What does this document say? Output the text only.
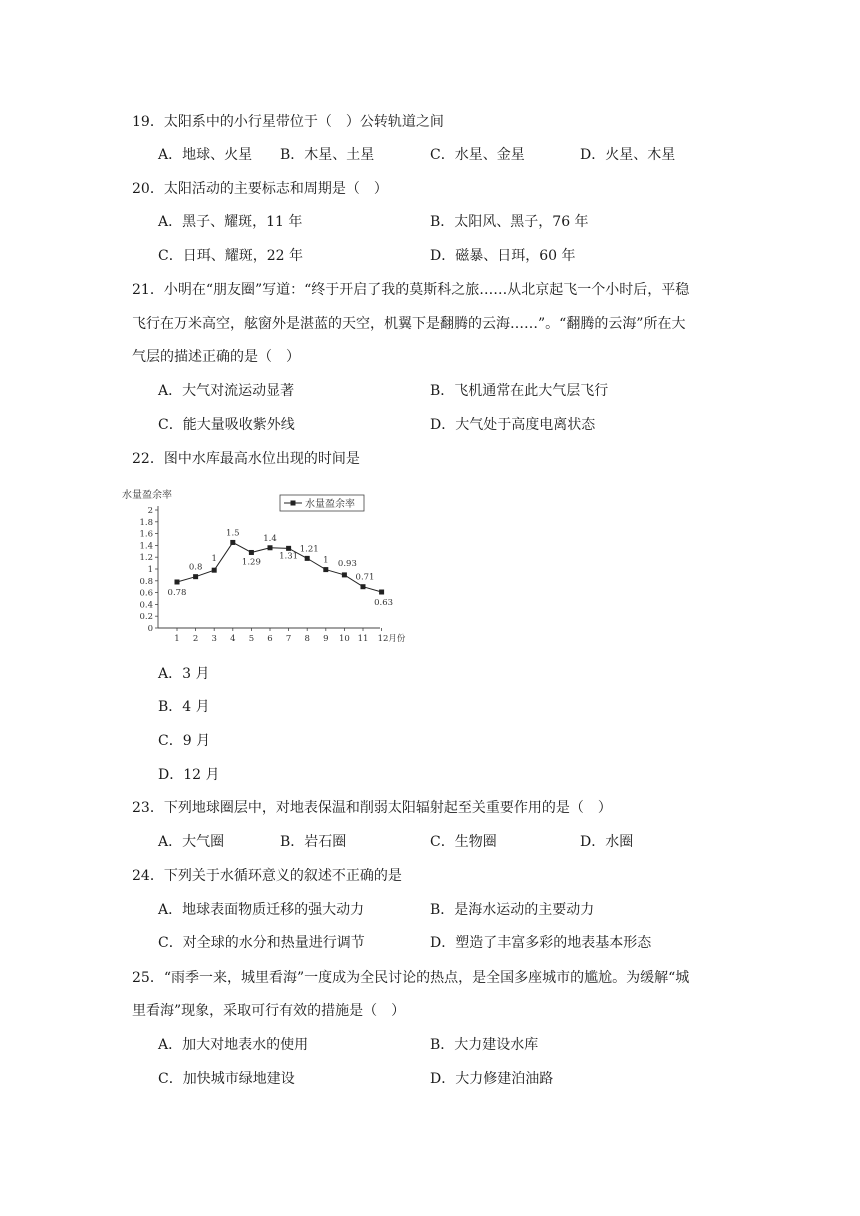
19．太阳系中的小行星带位于（　）公转轨道之间
A．地球、火星 B．木星、土星	C．水星、金星	D．火星、木星
20．太阳活动的主要标志和周期是（　）
A．黑子、耀斑，11 年	B．太阳风、黑子，76 年
C．日珥、耀斑，22 年	D．磁暴、日珥，60 年
21．小明在“朋友圈”写道：“终于开启了我的莫斯科之旅……从北京起飞一个小时后，平稳
飞行在万米高空，舷窗外是湛蓝的天空，机翼下是翻腾的云海……”。“翻腾的云海”所在大
气层的描述正确的是（　）
A．大气对流运动显著	B．飞机通常在此大气层飞行
C．能大量吸收紫外线	D．大气处于高度电离状态
22．图中水库最高水位出现的时间是
水量盈余率
水量盈余率
0
0.2
0.4
0.6
0.8
1
1.2
1.4
1.6
1.8
2
1 2 3 4 5 6 7 8 9 10 11 12月份
0.78
0.8
1
1.5
1.29
1.4
1.31
1.21
1 0.93
0.71
0.63
A．3 月
B．4 月
C．9 月
D．12 月
23．下列地球圈层中，对地表保温和削弱太阳辐射起至关重要作用的是（　）
A．大气圈	B．岩石圈	C．生物圈	D．水圈
24．下列关于水循环意义的叙述不正确的是
A．地球表面物质迁移的强大动力	B．是海水运动的主要动力
C．对全球的水分和热量进行调节	D．塑造了丰富多彩的地表基本形态
25．“雨季一来，城里看海”一度成为全民讨论的热点，是全国多座城市的尴尬。为缓解“城
里看海”现象，采取可行有效的措施是（　）
A．加大对地表水的使用	B．大力建设水库
C．加快城市绿地建设	D．大力修建泊油路
